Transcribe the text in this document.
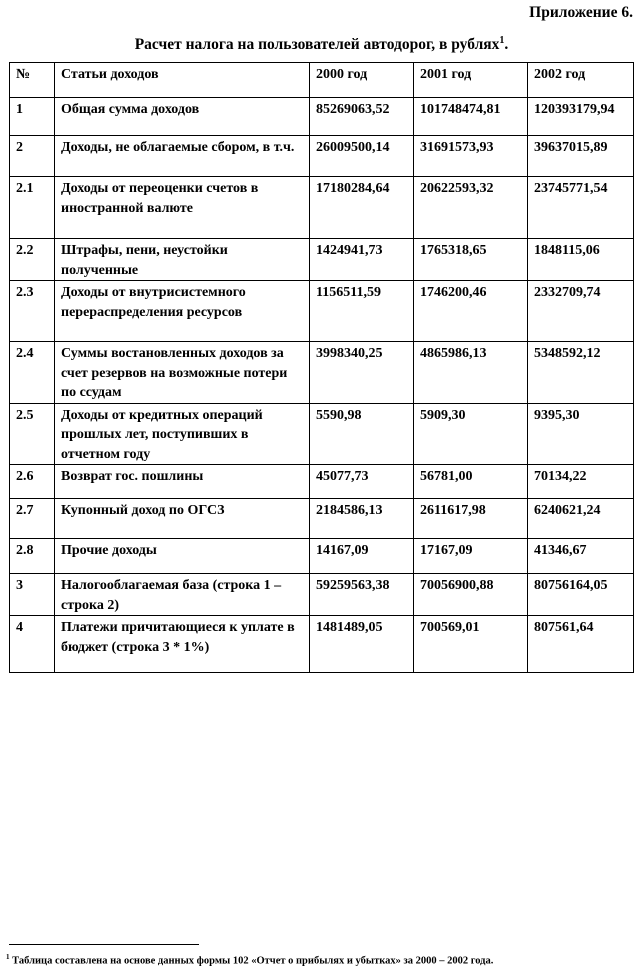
Приложение 6.
Расчет налога на пользователей автодорог, в рублях$^1$.
№	Статьи доходов	2000 год	2001 год	2002 год
1	Общая сумма доходов	85269063,52	101748474,81	120393179,94
2	Доходы, не облагаемые сбором, в т.ч.	26009500,14	31691573,93	39637015,89
2.1	Доходы от переоценки счетов в иностранной валюте	17180284,64	20622593,32	23745771,54
2.2	Штрафы, пени, неустойки полученные	1424941,73	1765318,65	1848115,06
2.3	Доходы от внутрисистемного перераспределения ресурсов	1156511,59	1746200,46	2332709,74
2.4	Суммы востановленных доходов за счет резервов на возможные потери по ссудам	3998340,25	4865986,13	5348592,12
2.5	Доходы от кредитных операций прошлых лет, поступивших в отчетном году	5590,98	5909,30	9395,30
2.6	Возврат гос. пошлины	45077,73	56781,00	70134,22
2.7	Купонный доход по ОГСЗ	2184586,13	2611617,98	6240621,24
2.8	Прочие доходы	14167,09	17167,09	41346,67
3	Налогооблагаемая база (строка 1 – строка 2)	59259563,38	70056900,88	80756164,05
4	Платежи причитающиеся к уплате в бюджет (строка 3 * 1%)	1481489,05	700569,01	807561,64
$^1$ Таблица составлена на основе данных формы 102 «Отчет о прибылях и убытках» за 2000 – 2002 года.
